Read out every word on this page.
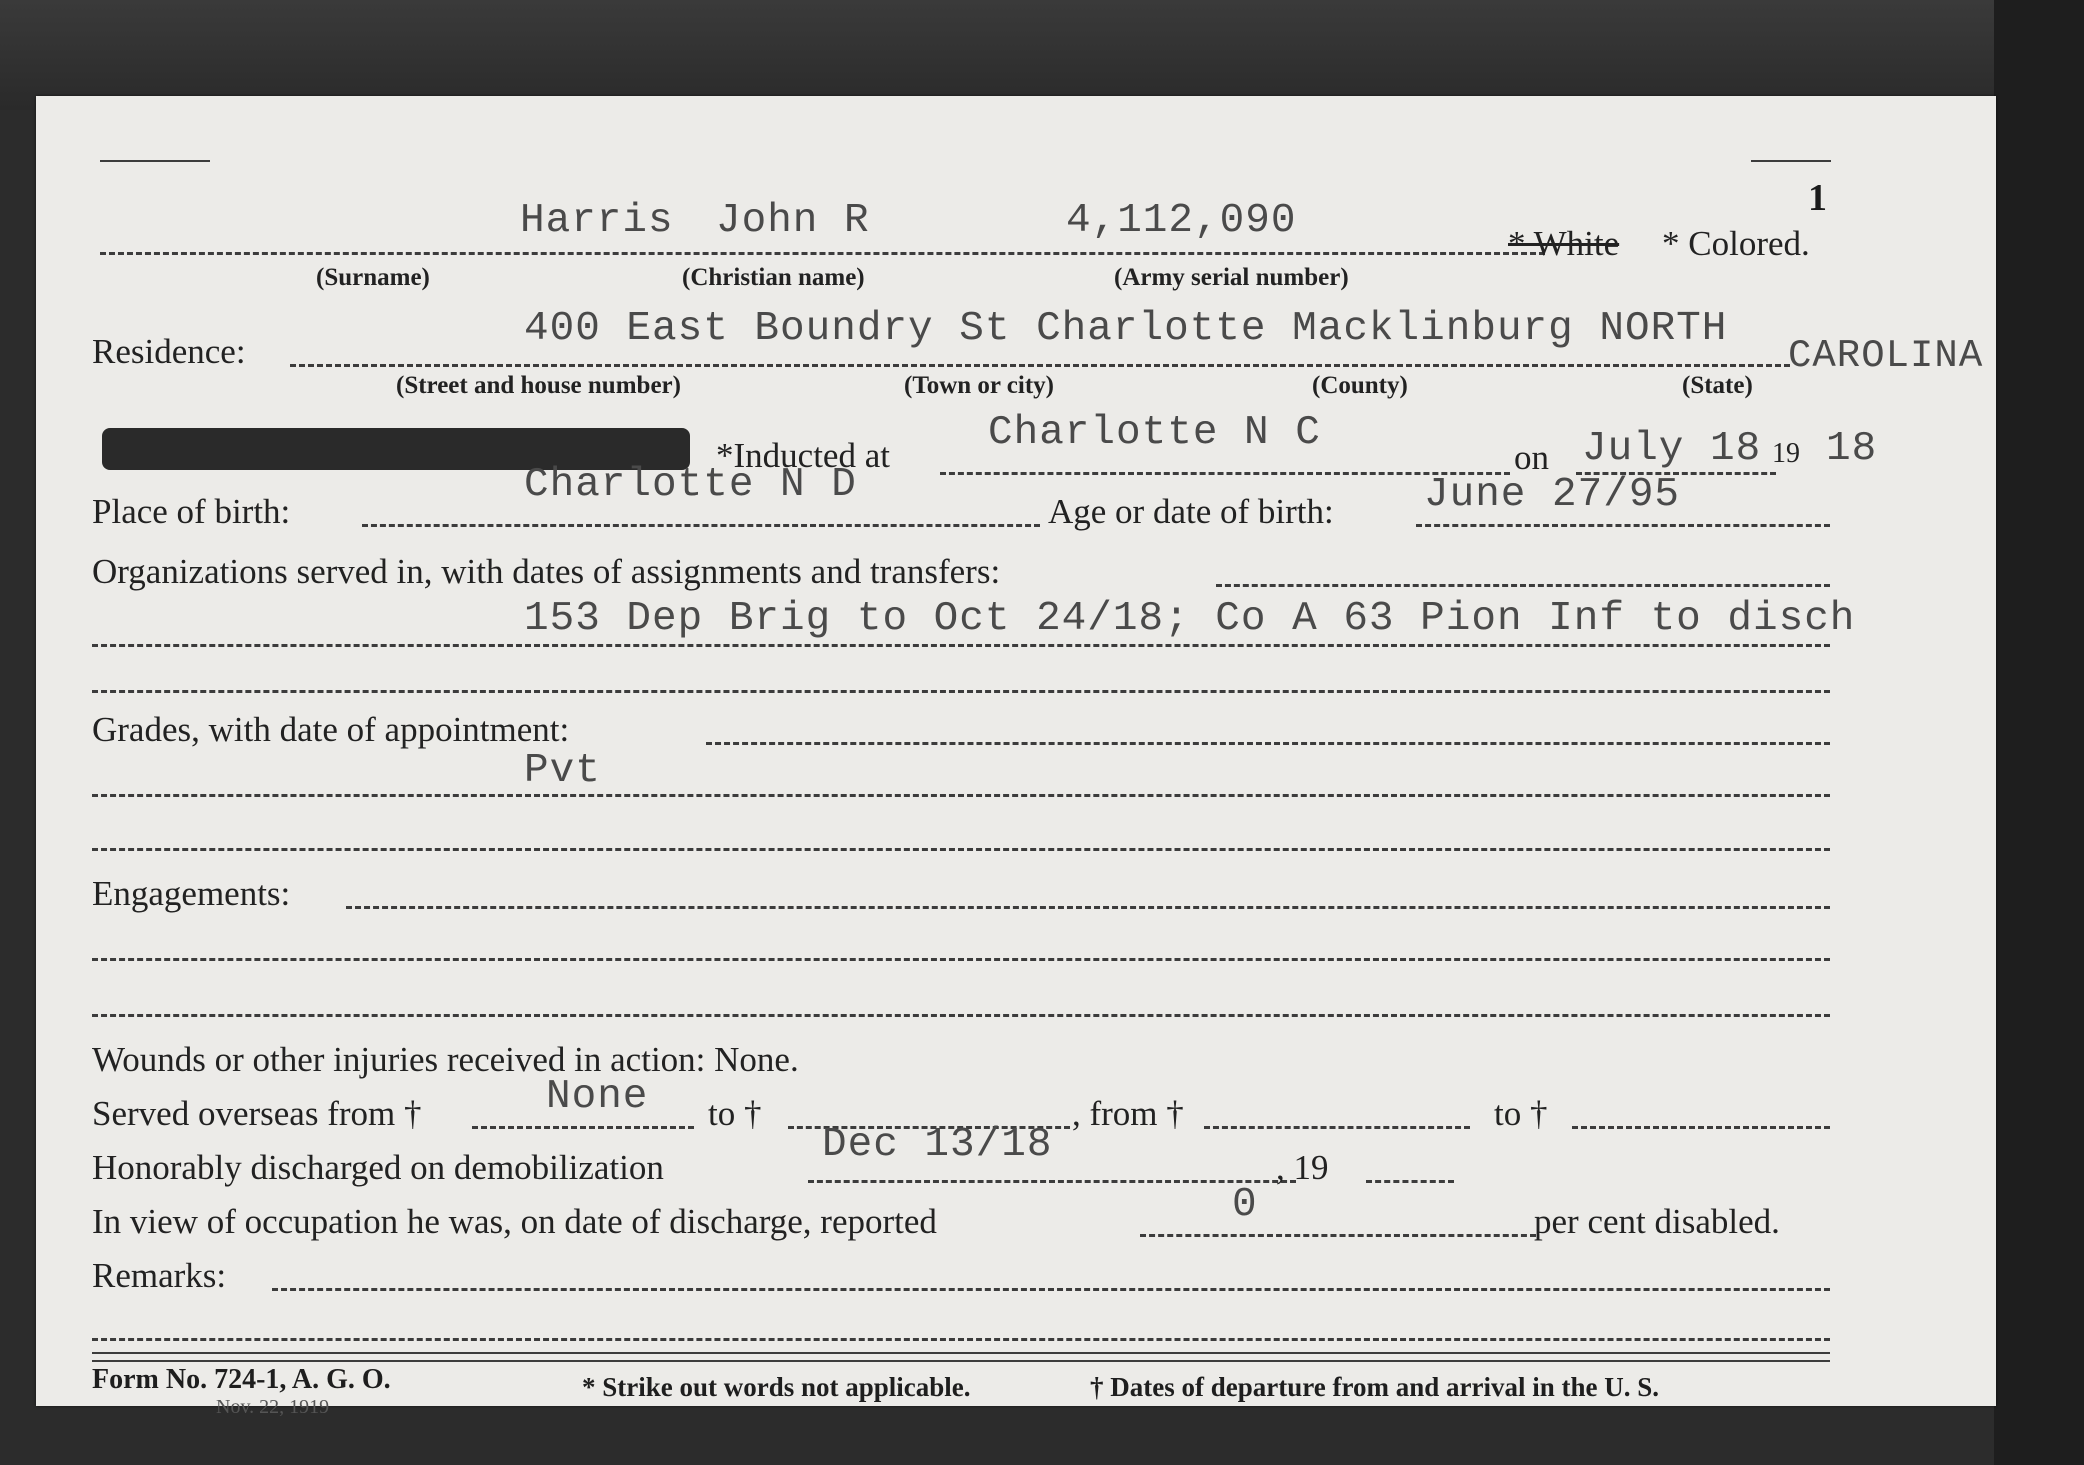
1
Harris John R	4,112,090	* White * Colored.
(Surname)	(Christian name)	(Army serial number)
Residence:	400 East Boundry St Charlotte Macklinburg NORTH
CAROLINA
(Street and house number)	(Town or city)	(County)	(State)
*Inducted at Charlotte N C
on July 18 19 18
Place of birth:
Charlotte N D
Age or date of birth: June 27/95
Organizations served in, with dates of assignments and transfers:
153 Dep Brig to Oct 24/18; Co A 63 Pion Inf to disch
Grades, with date of appointment:
Pvt
Engagements:
Wounds or other injuries received in action: None.
Served overseas from †	None to †	, from †	to †
Honorably discharged on demobilization	Dec 13/18	, 19
In view of occupation he was, on date of discharge, reported	0	per cent disabled.
Remarks:
Form No. 724-1, A. G. O.
Nov. 22, 1919
* Strike out words not applicable.	† Dates of departure from and arrival in the U. S.
